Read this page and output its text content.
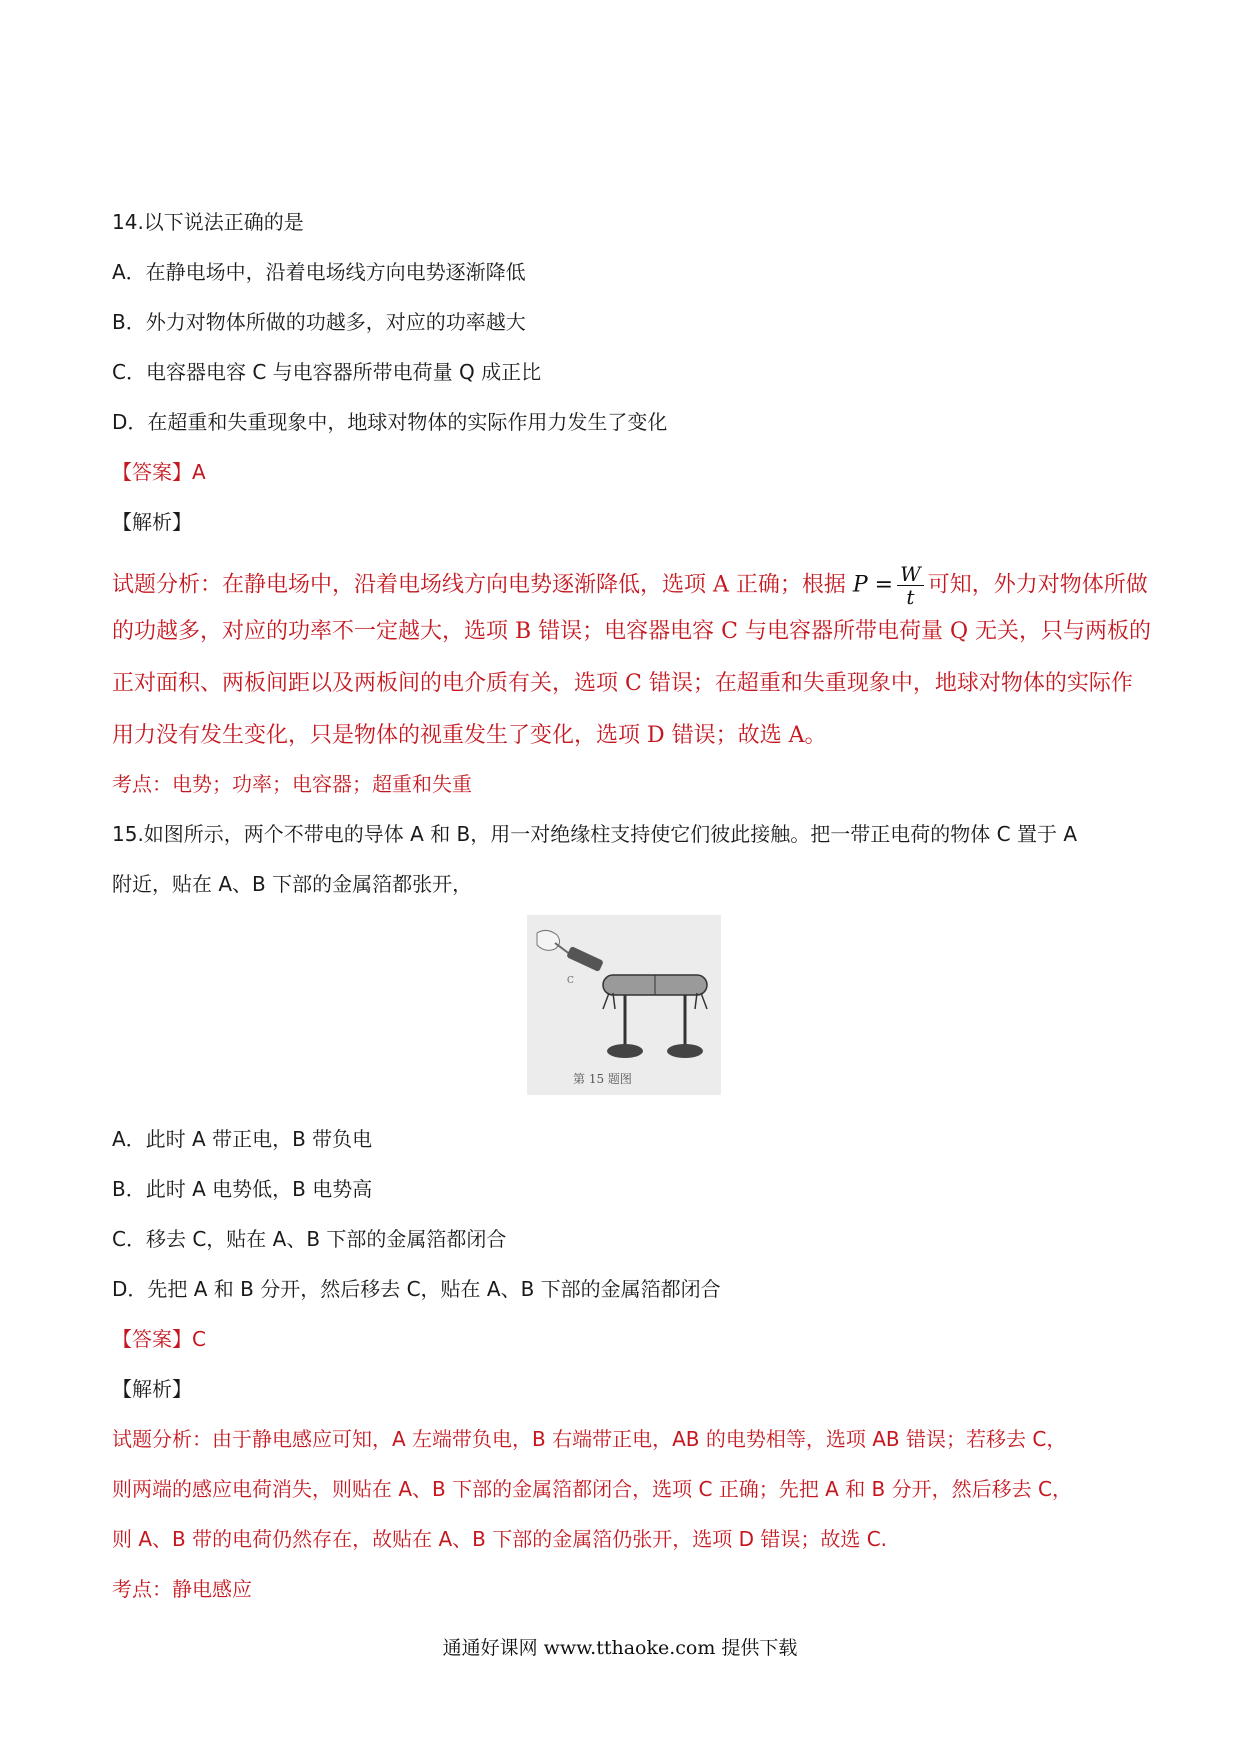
14.以下说法正确的是
A．在静电场中，沿着电场线方向电势逐渐降低
B．外力对物体所做的功越多，对应的功率越大
C．电容器电容 C 与电容器所带电荷量 Q 成正比
D．在超重和失重现象中，地球对物体的实际作用力发生了变化
【答案】A
【解析】
试题分析：在静电场中，沿着电场线方向电势逐渐降低，选项 A 正确；根据 $P = \frac{W}{t}$ 可知，外力对物体所做
的功越多，对应的功率不一定越大，选项 B 错误；电容器电容 C 与电容器所带电荷量 Q 无关，只与两板的
正对面积、两板间距以及两板间的电介质有关，选项 C 错误；在超重和失重现象中，地球对物体的实际作
用力没有发生变化，只是物体的视重发生了变化，选项 D 错误；故选 A。
考点：电势；功率；电容器；超重和失重
15.如图所示，两个不带电的导体 A 和 B，用一对绝缘柱支持使它们彼此接触。把一带正电荷的物体 C 置于 A
附近，贴在 A、B 下部的金属箔都张开，
C
第 15 题图
A．此时 A 带正电，B 带负电
B．此时 A 电势低，B 电势高
C．移去 C，贴在 A、B 下部的金属箔都闭合
D．先把 A 和 B 分开，然后移去 C，贴在 A、B 下部的金属箔都闭合
【答案】C
【解析】
试题分析：由于静电感应可知，A 左端带负电，B 右端带正电，AB 的电势相等，选项 AB 错误；若移去 C，
则两端的感应电荷消失，则贴在 A、B 下部的金属箔都闭合，选项 C 正确；先把 A 和 B 分开，然后移去 C，
则 A、B 带的电荷仍然存在，故贴在 A、B 下部的金属箔仍张开，选项 D 错误；故选 C.
考点：静电感应
通通好课网 www.tthaoke.com 提供下载
